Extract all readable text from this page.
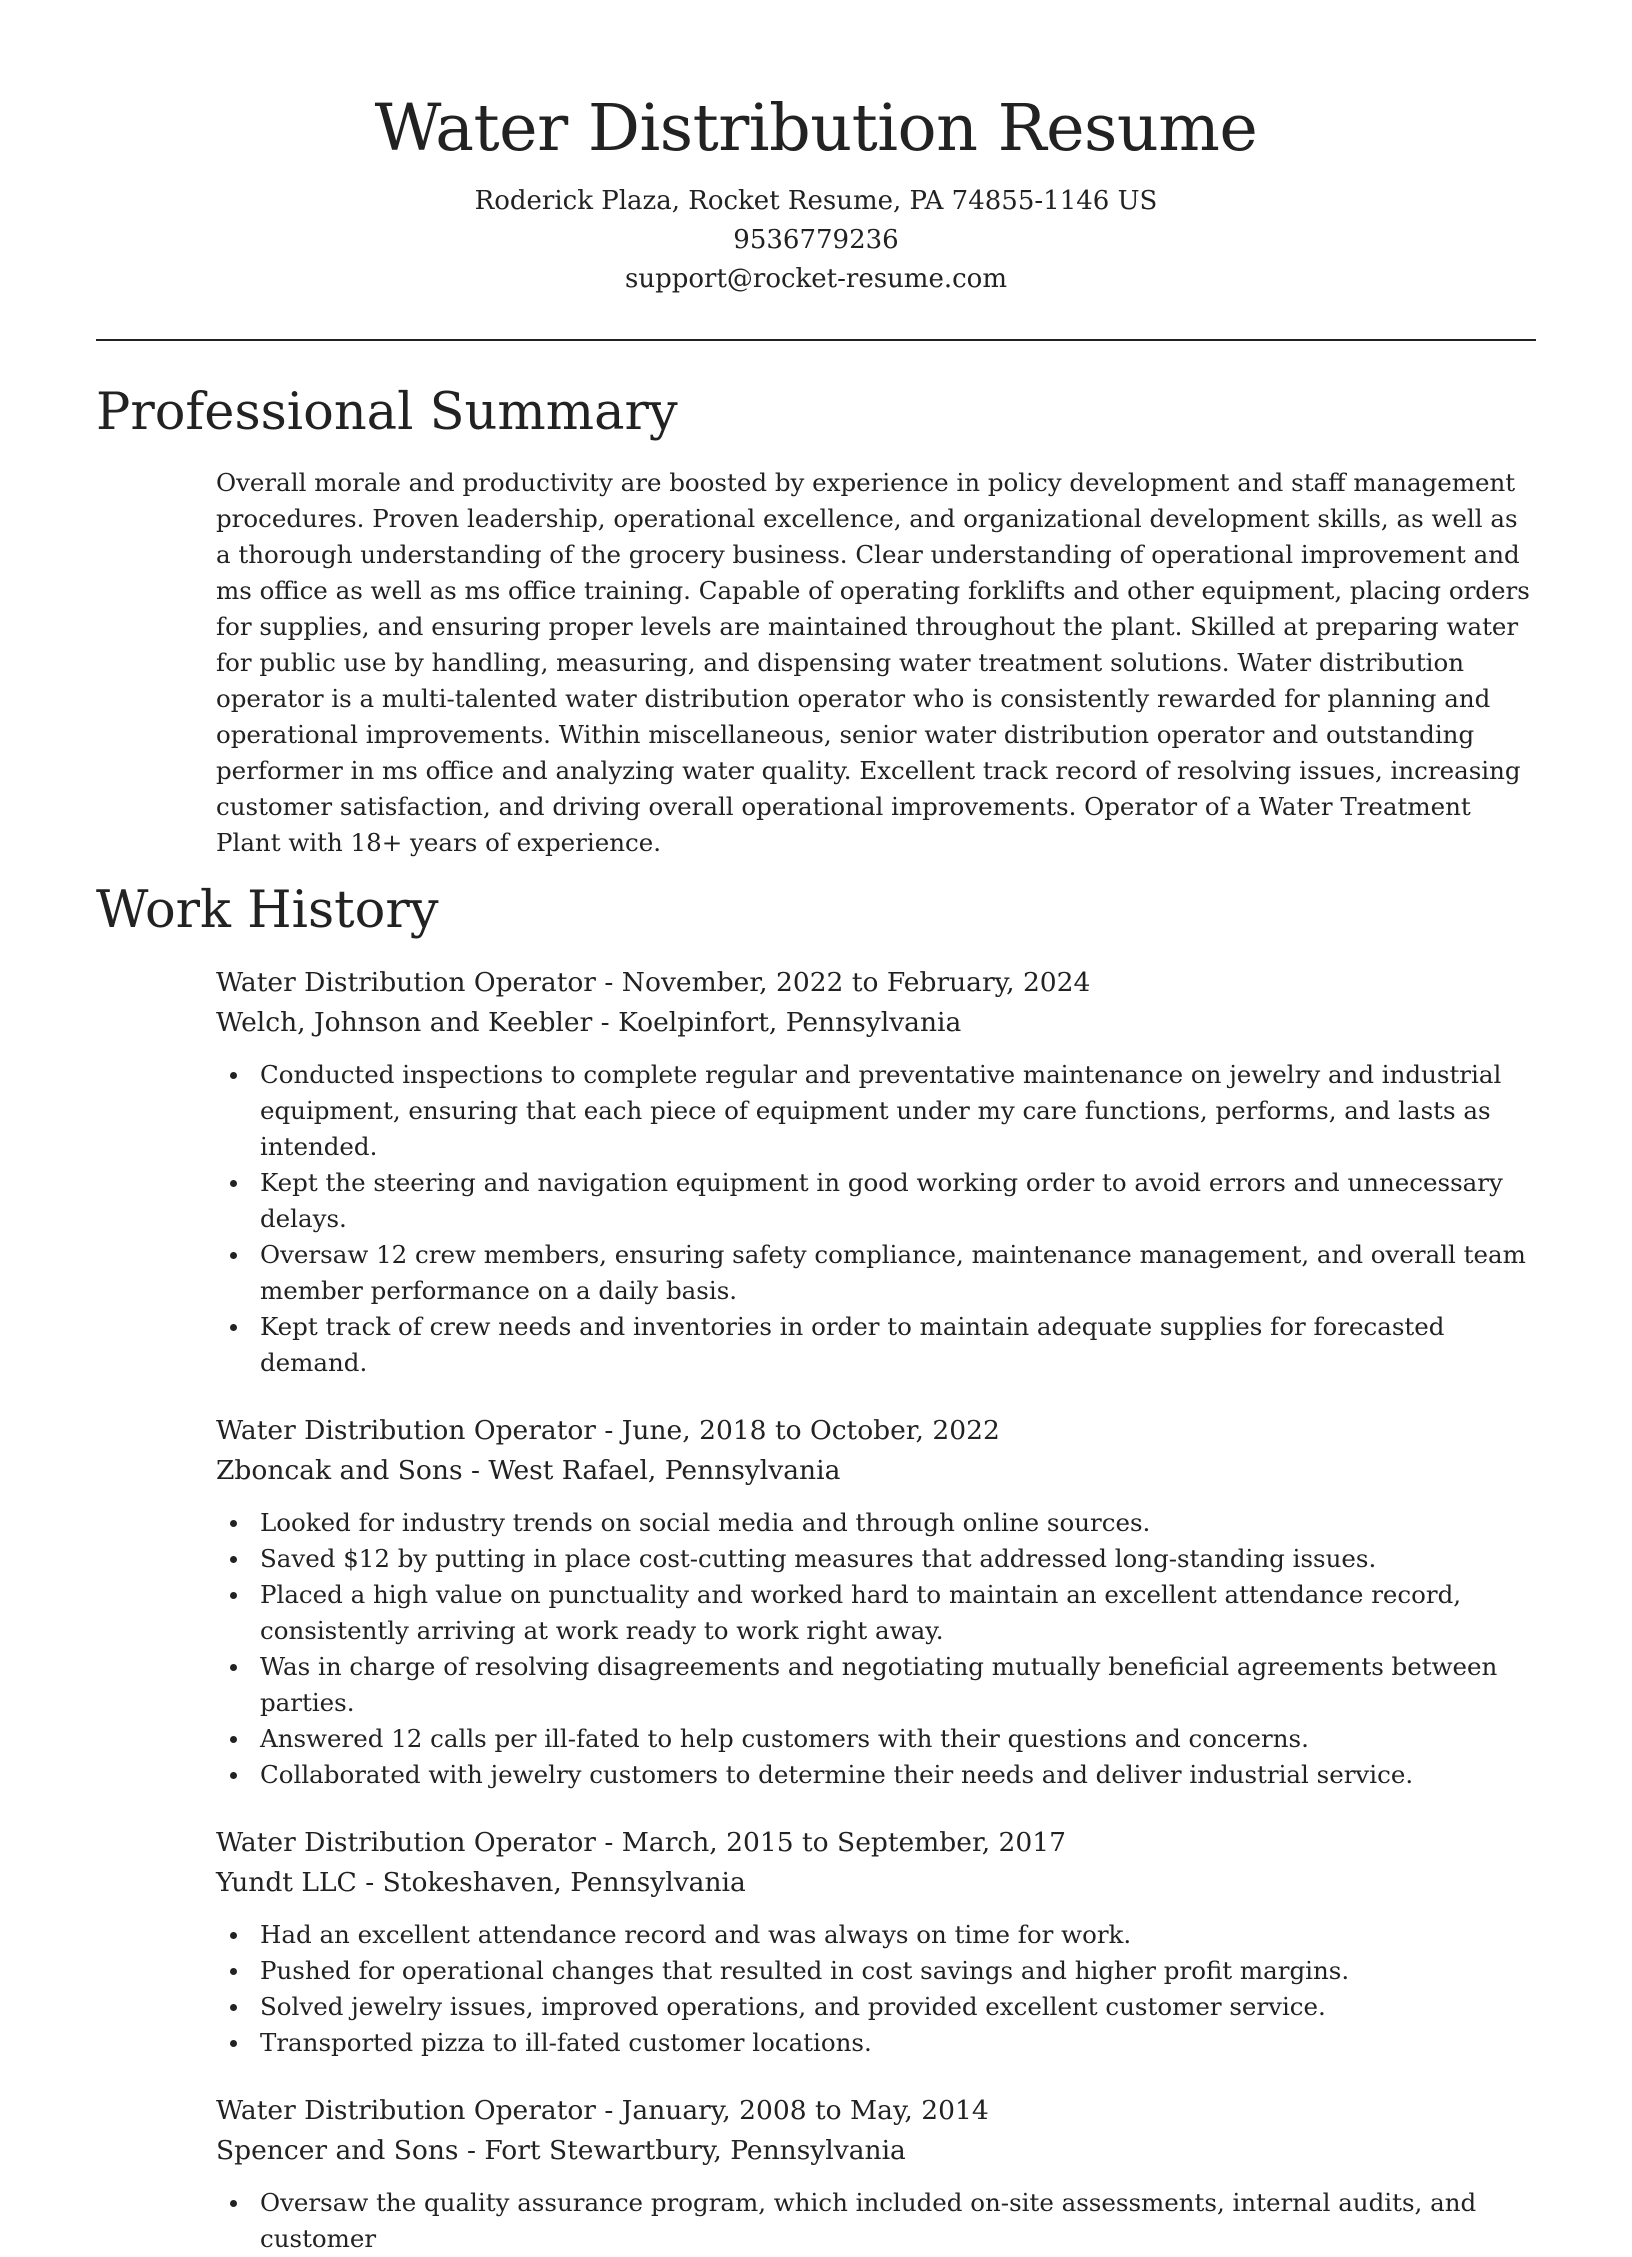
Water Distribution Resume

Roderick Plaza, Rocket Resume, PA 74855-1146 US

9536779236

support@rocket-resume.com

Professional Summary

Overall morale and productivity are boosted by experience in policy development and staff management procedures. Proven leadership, operational excellence, and organizational development skills, as well as a thorough understanding of the grocery business. Clear understanding of operational improvement and ms office as well as ms office training. Capable of operating forklifts and other equipment, placing orders for supplies, and ensuring proper levels are maintained throughout the plant. Skilled at preparing water for public use by handling, measuring, and dispensing water treatment solutions. Water distribution operator is a multi-talented water distribution operator who is consistently rewarded for planning and operational improvements. Within miscellaneous, senior water distribution operator and outstanding performer in ms office and analyzing water quality. Excellent track record of resolving issues, increasing customer satisfaction, and driving overall operational improvements. Operator of a Water Treatment Plant with 18+ years of experience.

Work History

Water Distribution Operator - November, 2022 to February, 2024

Welch, Johnson and Keebler - Koelpinfort, Pennsylvania

Conducted inspections to complete regular and preventative maintenance on jewelry and industrial equipment, ensuring that each piece of equipment under my care functions, performs, and lasts as intended.
Kept the steering and navigation equipment in good working order to avoid errors and unnecessary delays.
Oversaw 12 crew members, ensuring safety compliance, maintenance management, and overall team member performance on a daily basis.
Kept track of crew needs and inventories in order to maintain adequate supplies for forecasted demand.

Water Distribution Operator - June, 2018 to October, 2022

Zboncak and Sons - West Rafael, Pennsylvania

Looked for industry trends on social media and through online sources.
Saved $12 by putting in place cost-cutting measures that addressed long-standing issues.
Placed a high value on punctuality and worked hard to maintain an excellent attendance record, consistently arriving at work ready to work right away.
Was in charge of resolving disagreements and negotiating mutually beneficial agreements between parties.
Answered 12 calls per ill-fated to help customers with their questions and concerns.
Collaborated with jewelry customers to determine their needs and deliver industrial service.

Water Distribution Operator - March, 2015 to September, 2017

Yundt LLC - Stokeshaven, Pennsylvania

Had an excellent attendance record and was always on time for work.
Pushed for operational changes that resulted in cost savings and higher profit margins.
Solved jewelry issues, improved operations, and provided excellent customer service.
Transported pizza to ill-fated customer locations.

Water Distribution Operator - January, 2008 to May, 2014

Spencer and Sons - Fort Stewartbury, Pennsylvania

Oversaw the quality assurance program, which included on-site assessments, internal audits, and customer
